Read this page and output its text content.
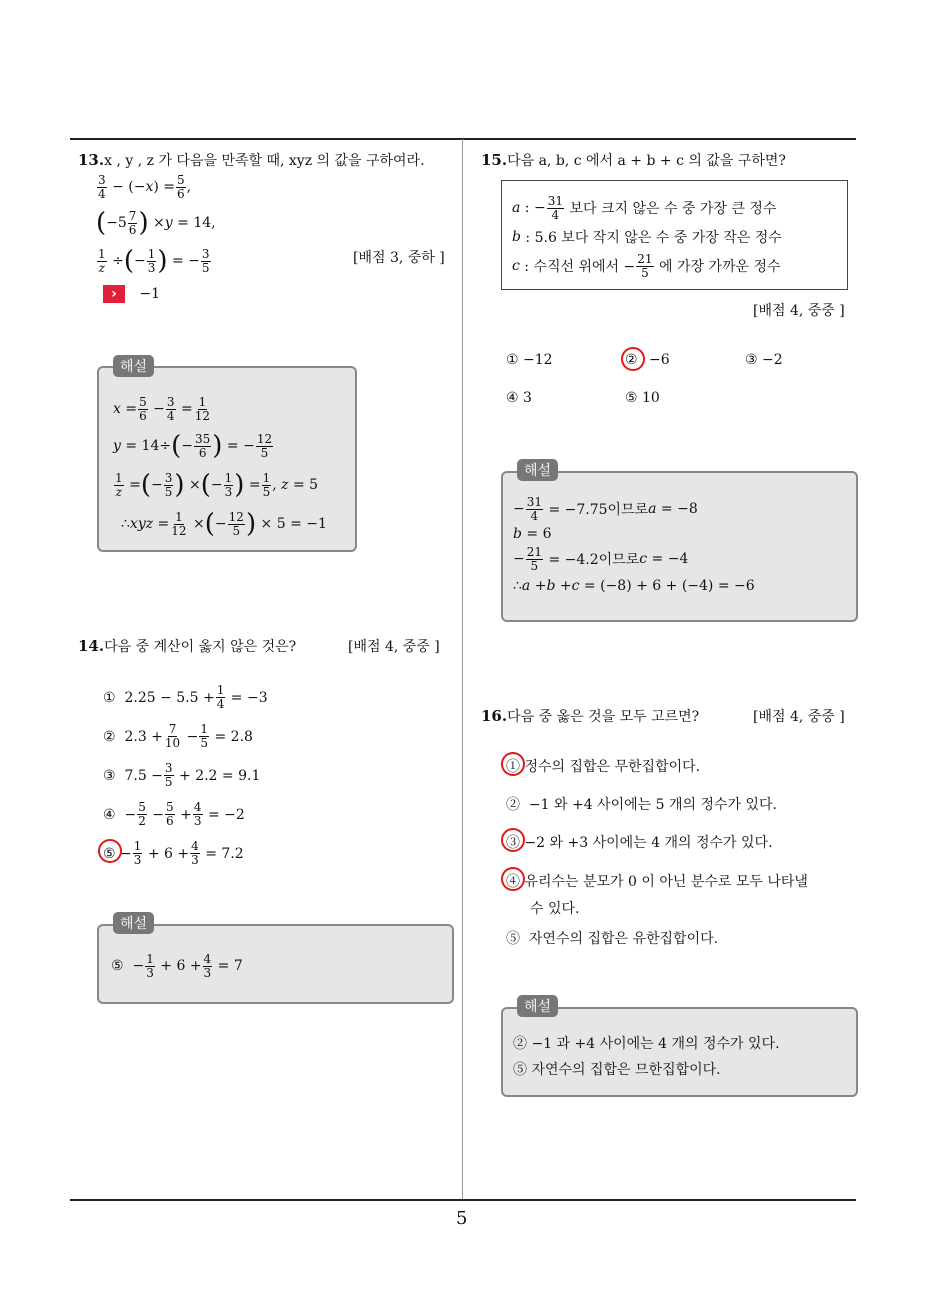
5
13.x , y , z 가 다음을 만족할 때, xyz 의 값을 구하여라.
$\frac{3}{4}$ − (− x ) = $\frac{5}{6}$ ,
( $-5 \frac{7}{6}$ ) × y = 14,
$\frac{1}{z}$ ÷ ( − $\frac{1}{3}$ ) = − $\frac{3}{5}$	[배점 3, 중하 ]
› −1
$x = \frac{5}{6} - \frac{3}{4} = \frac{1}{12}$
y = 14÷ ( − $\frac{35}{6}$ ) = − $\frac{12}{5}$
$\frac{1}{z}$ = ( − $\frac{3}{5}$ ) × ( − $\frac{1}{3}$ ) = $\frac{1}{5}$ , z = 5
∴ xyz = $\frac{1}{12}$ × ( − $\frac{12}{5}$ ) × 5 = −1
해설
14.다음 중 계산이 옳지 않은 것은?	[배점 4, 중중 ]
① $2.25 - 5.5 + \frac{1}{4} = -3$
② $2.3 + \frac{7}{10} - \frac{1}{5} = 2.8$
③ $7.5 - \frac{3}{5} + 2.2 = 9.1$
④ − $\frac{5}{2} - \frac{5}{6} + \frac{4}{3} = -2$
⑤ − $\frac{1}{3} + 6 + \frac{4}{3} = 7.2$
⑤  − $\frac{1}{3} + 6 + \frac{4}{3} = 7$
해설
15.다음 a, b, c 에서 a + b + c 의 값을 구하면?
a : − $\frac{31}{4}$ 보다 크지 않은 수 중 가장 큰 정수
b : 5.6 보다 작지 않은 수 중 가장 작은 정수
c : 수직선 위에서 − $\frac{21}{5}$ 에 가장 가까운 정수
[배점 4, 중중 ]
① −12	② −6	③ −2
④ 3	⑤ 10
− $\frac{31}{4} = -7.75$이므로 a = −8
b = 6
− $\frac{21}{5} = -4.2$이므로 c = −4
∴ a + b + c = (−8) + 6 + (−4) = −6
해설
16.다음 중 옳은 것을 모두 고르면?	[배점 4, 중중 ]
① 정수의 집합은 무한집합이다.
② −1 와 +4 사이에는 5 개의 정수가 있다.
③ −2 와 +3 사이에는 4 개의 정수가 있다.
④ 유리수는 분모가 0 이 아닌 분수로 모두 나타낼
수 있다.
⑤ 자연수의 집합은 유한집합이다.
② −1 과 +4 사이에는 4 개의 정수가 있다.
⑤ 자연수의 집합은 므한집합이다.
해설
